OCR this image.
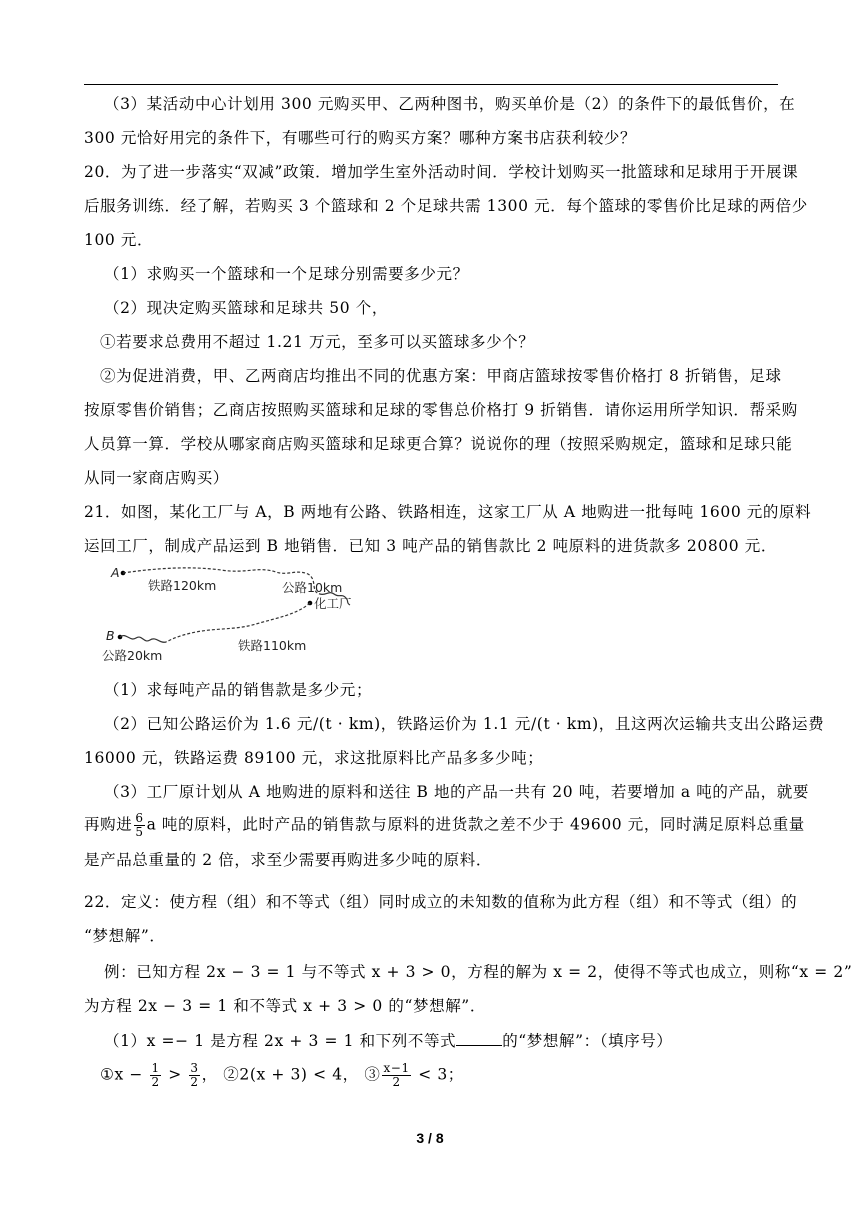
（3）某活动中心计划用 300 元购买甲、乙两种图书，购买单价是（2）的条件下的最低售价，在
300 元恰好用完的条件下，有哪些可行的购买方案？哪种方案书店获利较少？
20．为了进一步落实“双减”政策．增加学生室外活动时间．学校计划购买一批篮球和足球用于开展课
后服务训练．经了解，若购买 3 个篮球和 2 个足球共需 1300 元．每个篮球的零售价比足球的两倍少
100 元．
（1）求购买一个篮球和一个足球分别需要多少元？
（2）现决定购买篮球和足球共 50 个，
①若要求总费用不超过 1.21 万元，至多可以买篮球多少个？
②为促进消费，甲、乙两商店均推出不同的优惠方案：甲商店篮球按零售价格打 8 折销售，足球
按原零售价销售；乙商店按照购买篮球和足球的零售总价格打 9 折销售．请你运用所学知识．帮采购
人员算一算．学校从哪家商店购买篮球和足球更合算？说说你的理（按照采购规定，篮球和足球只能
从同一家商店购买）
21．如图，某化工厂与 A，B 两地有公路、铁路相连，这家工厂从 A 地购进一批每吨 1600 元的原料
运回工厂，制成产品运到 B 地销售．已知 3 吨产品的销售款比 2 吨原料的进货款多 20800 元．
A
化工厂
铁路120km	公路10km
铁路110km
B
公路20km
（1）求每吨产品的销售款是多少元；
（2）已知公路运价为 1.6 元/(t · km)，铁路运价为 1.1 元/(t · km)，且这两次运输共支出公路运费
16000 元，铁路运费 89100 元，求这批原料比产品多多少吨；
（3）工厂原计划从 A 地购进的原料和送往 B 地的产品一共有 20 吨，若要增加 a 吨的产品，就要
再购进 $\frac{6}{5}$ a 吨的原料，此时产品的销售款与原料的进货款之差不少于 49600 元，同时满足原料总重量
是产品总重量的 2 倍，求至少需要再购进多少吨的原料．
22．定义：使方程（组）和不等式（组）同时成立的未知数的值称为此方程（组）和不等式（组）的
“梦想解”．
例：已知方程 2x − 3 = 1 与不等式 x + 3 > 0，方程的解为 x = 2，使得不等式也成立，则称“x = 2”
为方程 2x − 3 = 1 和不等式 x + 3 > 0 的“梦想解”．
（1）x =− 1 是方程 2x + 3 = 1 和下列不等式	的“梦想解”：（填序号）
①x − $\frac{1}{2} > \frac{3}{2}$ ， ②2(x + 3) < 4， ③ $\frac{x-1}{2} < 3$；
3 / 8
